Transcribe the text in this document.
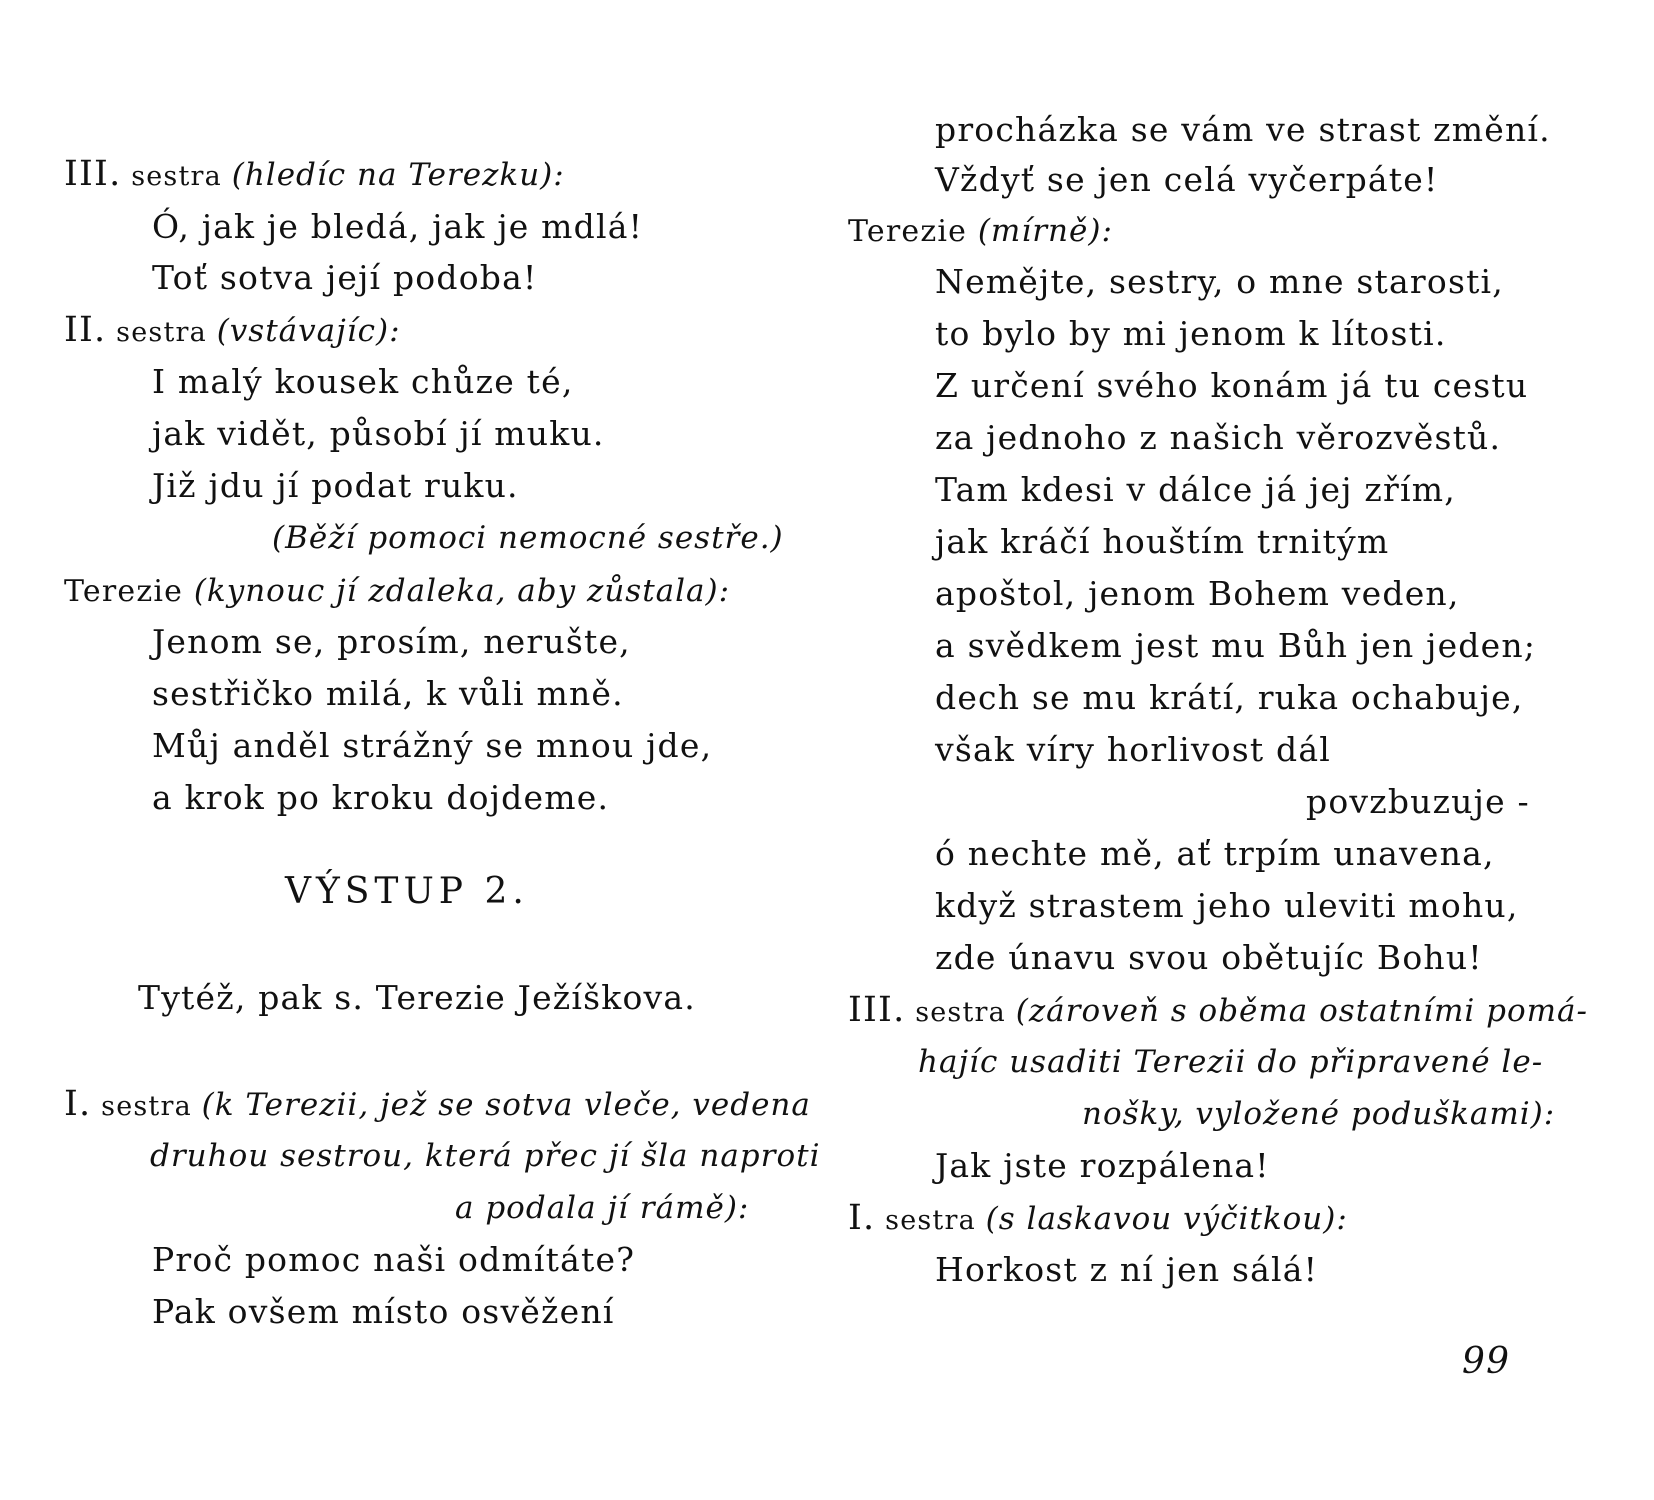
III. sestra (hledíc na Terezku):
Ó, jak je bledá, jak je mdlá!
Toť sotva její podoba!
II. sestra (vstávajíc):
I malý kousek chůze té,
jak vidět, působí jí muku.
Již jdu jí podat ruku.
(Běží pomoci nemocné sestře.)
Terezie (kynouc jí zdaleka, aby zůstala):
Jenom se, prosím, nerušte,
sestřičko milá, k vůli mně.
Můj anděl strážný se mnou jde,
a krok po kroku dojdeme.
VÝSTUP 2.
Tytéž, pak s. Terezie Ježíškova.
I. sestra (k Terezii, jež se sotva vleče, vedena
druhou sestrou, která přec jí šla naproti
a podala jí rámě):
Proč pomoc naši odmítáte?
Pak ovšem místo osvěžení
procházka se vám ve strast změní.
Vždyť se jen celá vyčerpáte!
Terezie (mírně):
Nemějte, sestry, o mne starosti,
to bylo by mi jenom k lítosti.
Z určení svého konám já tu cestu
za jednoho z našich věrozvěstů.
Tam kdesi v dálce já jej zřím,
jak kráčí houštím trnitým
apoštol, jenom Bohem veden,
a svědkem jest mu Bůh jen jeden;
dech se mu krátí, ruka ochabuje,
však víry horlivost dál
povzbuzuje -
ó nechte mě, ať trpím unavena,
když strastem jeho uleviti mohu,
zde únavu svou obětujíc Bohu!
III. sestra (zároveň s oběma ostatními pomá-
hajíc usaditi Terezii do připravené le-
nošky, vyložené poduškami):
Jak jste rozpálena!
I. sestra (s laskavou výčitkou):
Horkost z ní jen sálá!
99
